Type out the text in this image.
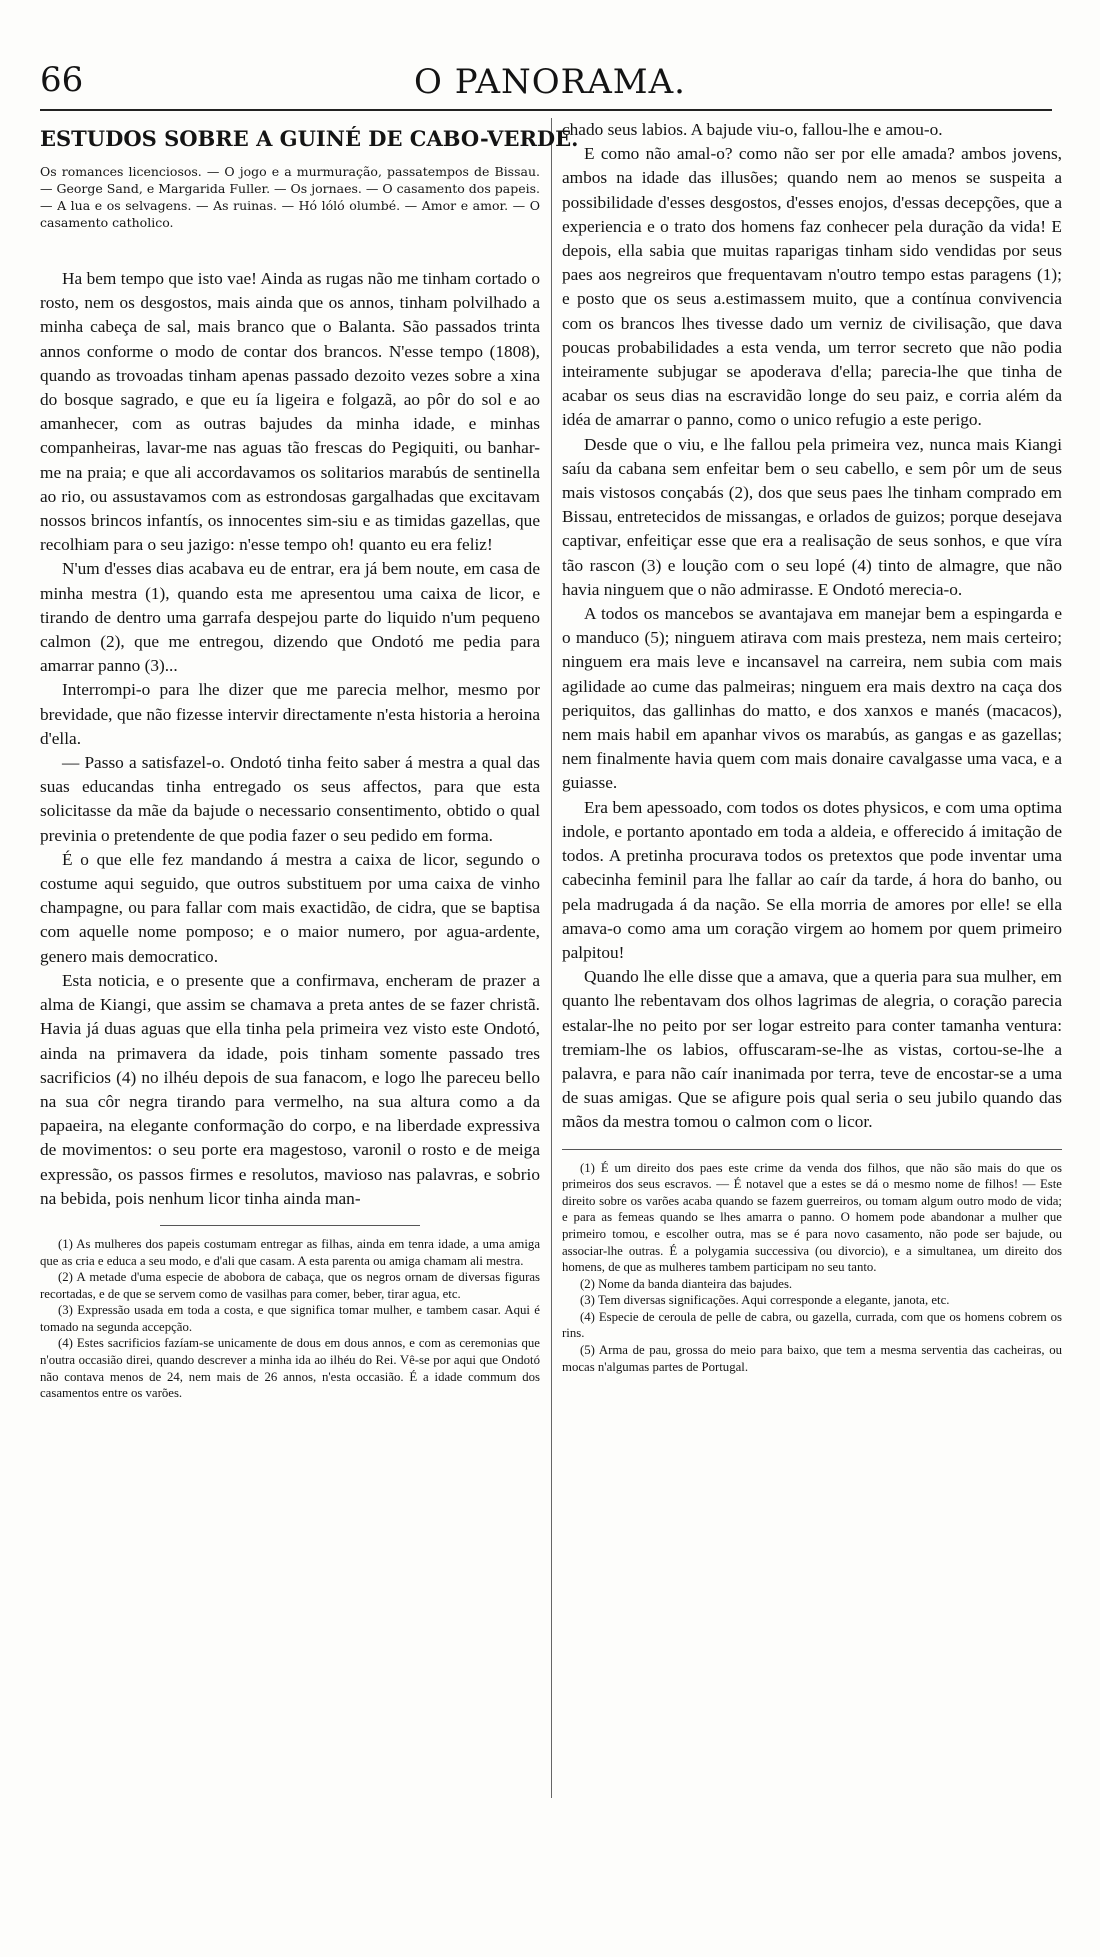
66	O PANORAMA.
ESTUDOS SOBRE A GUINÉ DE CABO-VERDE.
Os romances licenciosos. — O jogo e a murmuração, passatempos de Bissau. — George Sand, e Margarida Fuller. — Os jornaes. — O casamento dos papeis. — A lua e os selvagens. — As ruinas. — Hó lóló olumbé. — Amor e amor. — O casamento catholico.

Ha bem tempo que isto vae! Ainda as rugas não me tinham cortado o rosto, nem os desgostos, mais ainda que os annos, tinham polvilhado a minha cabeça de sal, mais branco que o Balanta. São passados trinta annos conforme o modo de contar dos brancos. N'esse tempo (1808), quando as trovoadas tinham apenas passado dezoito vezes sobre a xina do bosque sagrado, e que eu ía ligeira e folgazã, ao pôr do sol e ao amanhecer, com as outras bajudes da minha idade, e minhas companheiras, lavar-me nas aguas tão frescas do Pegiquiti, ou banhar-me na praia; e que ali accordavamos os solitarios marabús de sentinella ao rio, ou assustavamos com as estrondosas gargalhadas que excitavam nossos brincos infantís, os innocentes sim-siu e as timidas gazellas, que recolhiam para o seu jazigo: n'esse tempo oh! quanto eu era feliz!

N'um d'esses dias acabava eu de entrar, era já bem noute, em casa de minha mestra (1), quando esta me apresentou uma caixa de licor, e tirando de dentro uma garrafa despejou parte do liquido n'um pequeno calmon (2), que me entregou, dizendo que Ondotó me pedia para amarrar panno (3)...

Interrompi-o para lhe dizer que me parecia melhor, mesmo por brevidade, que não fizesse intervir directamente n'esta historia a heroina d'ella.

— Passo a satisfazel-o. Ondotó tinha feito saber á mestra a qual das suas educandas tinha entregado os seus affectos, para que esta solicitasse da mãe da bajude o necessario consentimento, obtido o qual previnia o pretendente de que podia fazer o seu pedido em forma.

É o que elle fez mandando á mestra a caixa de licor, segundo o costume aqui seguido, que outros substituem por uma caixa de vinho champagne, ou para fallar com mais exactidão, de cidra, que se baptisa com aquelle nome pomposo; e o maior numero, por agua-ardente, genero mais democratico.

Esta noticia, e o presente que a confirmava, encheram de prazer a alma de Kiangi, que assim se chamava a preta antes de se fazer christã. Havia já duas aguas que ella tinha pela primeira vez visto este Ondotó, ainda na primavera da idade, pois tinham somente passado tres sacrificios (4) no ilhéu depois de sua fanacom, e logo lhe pareceu bello na sua côr negra tirando para vermelho, na sua altura como a da papaeira, na elegante conformação do corpo, e na liberdade expressiva de movimentos: o seu porte era magestoso, varonil o rosto e de meiga expressão, os passos firmes e resolutos, maviosο nas palavras, e sobrio na bebida, pois nenhum licor tinha ainda man-

(1) As mulheres dos papeis costumam entregar as filhas, ainda em tenra idade, a uma amiga que as cria e educa a seu modo, e d'ali que casam. A esta parenta ou amiga chamam ali mestra.

(2) A metade d'uma especie de abobora de cabaça, que os negros ornam de diversas figuras recortadas, e de que se servem como de vasilhas para comer, beber, tirar agua, etc.

(3) Expressão usada em toda a costa, e que significa tomar mulher, e tambem casar. Aqui é tomado na segunda accepção.

(4) Estes sacrificios fazíam-se unicamente de dous em dous annos, e com as ceremonias que n'outra occasião direi, quando descrever a minha ida ao ilhéu do Rei. Vê-se por aqui que Ondotó não contava menos de 24, nem mais de 26 annos, n'esta occasião. É a idade commum dos casamentos entre os varões.

chado seus labios. A bajude viu-o, fallou-lhe e amou-o.

E como não amal-o? como não ser por elle amada? ambos jovens, ambos na idade das illusões; quando nem ao menos se suspeita a possibilidade d'esses desgostos, d'esses enojos, d'essas decepções, que a experiencia e o trato dos homens faz conhecer pela duração da vida! E depois, ella sabia que muitas raparigas tinham sido vendidas por seus paes aos negreiros que frequentavam n'outro tempo estas paragens (1); e posto que os seus a.estimassem muito, que a contínua convivencia com os brancos lhes tivesse dado um verniz de civilisação, que dava poucas probabilidades a esta venda, um terror secreto que não podia inteiramente subjugar se apoderava d'ella; parecia-lhe que tinha de acabar os seus dias na escravidão longe do seu paiz, e corria além da idéa de amarrar o panno, como o unico refugio a este perigo.

Desde que o viu, e lhe fallou pela primeira vez, nunca mais Kiangi saíu da cabana sem enfeitar bem o seu cabello, e sem pôr um de seus mais vistosos conçabás (2), dos que seus paes lhe tinham comprado em Bissau, entretecidos de missangas, e orlados de guizos; porque desejava captivar, enfeitiçar esse que era a realisação de seus sonhos, e que víra tão rascon (3) e loução com o seu lopé (4) tinto de almagre, que não havia ninguem que o não admirasse. E Ondotó merecia-o.

A todos os mancebos se avantajava em manejar bem a espingarda e o manduco (5); ninguem atirava com mais presteza, nem mais certeiro; ninguem era mais leve e incansavel na carreira, nem subia com mais agilidade ao cume das palmeiras; ninguem era mais dextro na caça dos periquitos, das gallinhas do matto, e dos xanxos e manés (macacos), nem mais habil em apanhar vivos os marabús, as gangas e as gazellas; nem finalmente havia quem com mais donaire cavalgasse uma vaca, e a guiasse.

Era bem apessoado, com todos os dotes physicos, e com uma optima indole, e portanto apontado em toda a aldeia, e offerecido á imitação de todos. A pretinha procurava todos os pretextos que pode inventar uma cabecinha feminil para lhe fallar ao caír da tarde, á hora do banho, ou pela madrugada á da nação. Se ella morria de amores por elle! se ella amava-o como ama um coração virgem ao homem por quem primeiro palpitou!

Quando lhe elle disse que a amava, que a queria para sua mulher, em quanto lhe rebentavam dos olhos lagrimas de alegria, o coração parecia estalar-lhe no peito por ser logar estreito para conter tamanha ventura: tremiam-lhe os labios, offuscaram-se-lhe as vistas, cortou-se-lhe a palavra, e para não caír inanimada por terra, teve de encostar-se a uma de suas amigas. Que se afigure pois qual seria o seu jubilo quando das mãos da mestra tomou o calmon com o licor.

(1) É um direito dos paes este crime da venda dos filhos, que não são mais do que os primeiros dos seus escravos. — É notavel que a estes se dá o mesmo nome de filhos! — Este direito sobre os varões acaba quando se fazem guerreiros, ou tomam algum outro modo de vida; e para as femeas quando se lhes amarra o panno. O homem pode abandonar a mulher que primeiro tomou, e escolher outra, mas se é para novo casamento, não pode ser bajude, ou associar-lhe outras. É a polygamia successiva (ou divorcio), e a simultanea, um direito dos homens, de que as mulheres tambem participam no seu tanto.

(2) Nome da banda dianteira das bajudes.

(3) Tem diversas significações. Aqui corresponde a elegante, janota, etc.

(4) Especie de ceroula de pelle de cabra, ou gazella, currada, com que os homens cobrem os rins.

(5) Arma de pau, grossa do meio para baixo, que tem a mesma serventia das cacheiras, ou mocas n'algumas partes de Portugal.
